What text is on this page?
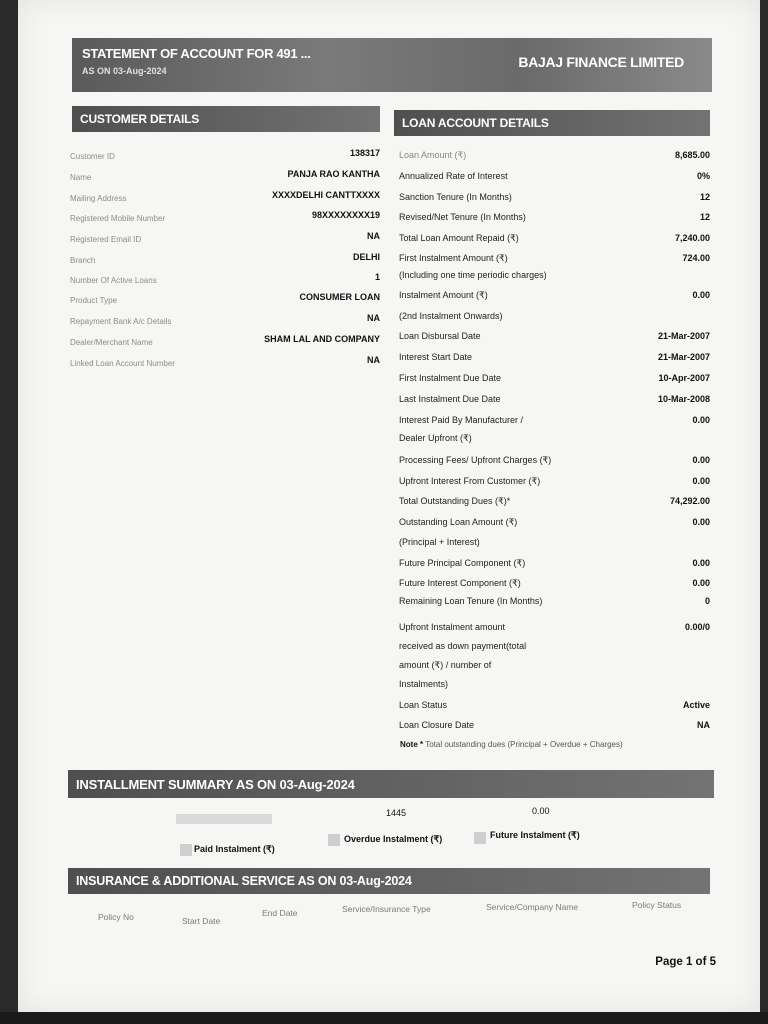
STATEMENT OF ACCOUNT FOR 491 ...
AS ON 03-Aug-2024
BAJAJ FINANCE LIMITED
CUSTOMER DETAILS	LOAN ACCOUNT DETAILS
Customer ID	138317
Name	PANJA RAO KANTHA
Mailing Address	XXXXDELHI CANTTXXXX
Registered Mobile Number	98XXXXXXXX19
Registered Email ID	NA
Branch	DELHI
Number Of Active Loans	1
Product Type	CONSUMER LOAN
Repayment Bank A/c Details	NA
Dealer/Merchant Name	SHAM LAL AND COMPANY
Linked Loan Account Number	NA
Loan Amount (₹)	8,685.00
Annualized Rate of Interest	0%
Sanction Tenure (In Months)	12
Revised/Net Tenure (In Months)	12
Total Loan Amount Repaid (₹)	7,240.00
First Instalment Amount (₹)	724.00
(Including one time periodic charges)
Instalment Amount (₹)	0.00
(2nd Instalment Onwards)
Loan Disbursal Date	21-Mar-2007
Interest Start Date	21-Mar-2007
First Instalment Due Date	10-Apr-2007
Last Instalment Due Date	10-Mar-2008
Interest Paid By Manufacturer /	0.00
Dealer Upfront (₹)
Processing Fees/ Upfront Charges (₹)	0.00
Upfront Interest From Customer (₹)	0.00
Total Outstanding Dues (₹)*	74,292.00
Outstanding Loan Amount (₹)	0.00
(Principal + Interest)
Future Principal Component (₹)	0.00
Future Interest Component (₹)	0.00
Remaining Loan Tenure (In Months)	0
Upfront Instalment amount	0.00/0
received as down payment(total
amount (₹) / number of
Instalments)
Loan Status	Active
Loan Closure Date	NA
Note * Total outstanding dues (Principal + Overdue + Charges)
INSTALLMENT SUMMARY AS ON 03-Aug-2024
1445	0.00
Paid Instalment (₹)
Overdue Instalment (₹)	Future Instalment (₹)
INSURANCE & ADDITIONAL SERVICE AS ON 03-Aug-2024
Policy No	Start Date
End Date	Service/Insurance Type	Service/Company Name	Policy Status
Page 1 of 5
